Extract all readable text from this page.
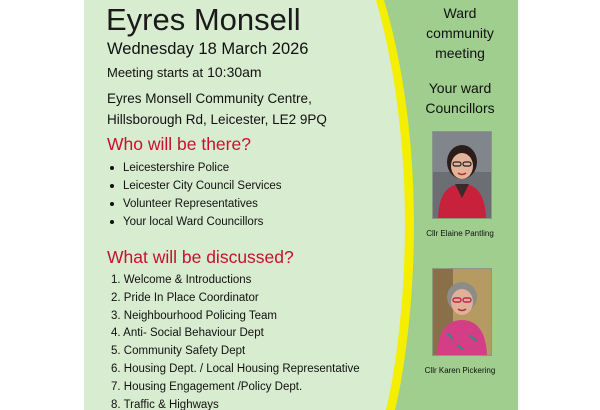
Eyres Monsell
Wednesday 18 March 2026
Meeting starts at 10:30am
Eyres Monsell Community Centre,
Hillsborough Rd, Leicester, LE2 9PQ
Who will be there?
Leicestershire Police
Leicester City Council Services
Volunteer Representatives
Your local Ward Councillors
What will be discussed?
1. Welcome & Introductions
2. Pride In Place Coordinator
3. Neighbourhood Policing Team
4. Anti- Social Behaviour Dept
5. Community Safety Dept
6. Housing Dept. / Local Housing Representative
7. Housing Engagement /Policy Dept.
8. Traffic & Highways
Ward
community
meeting
Your ward
Councillors
Cllr Elaine Pantling
Cllr Karen Pickering
